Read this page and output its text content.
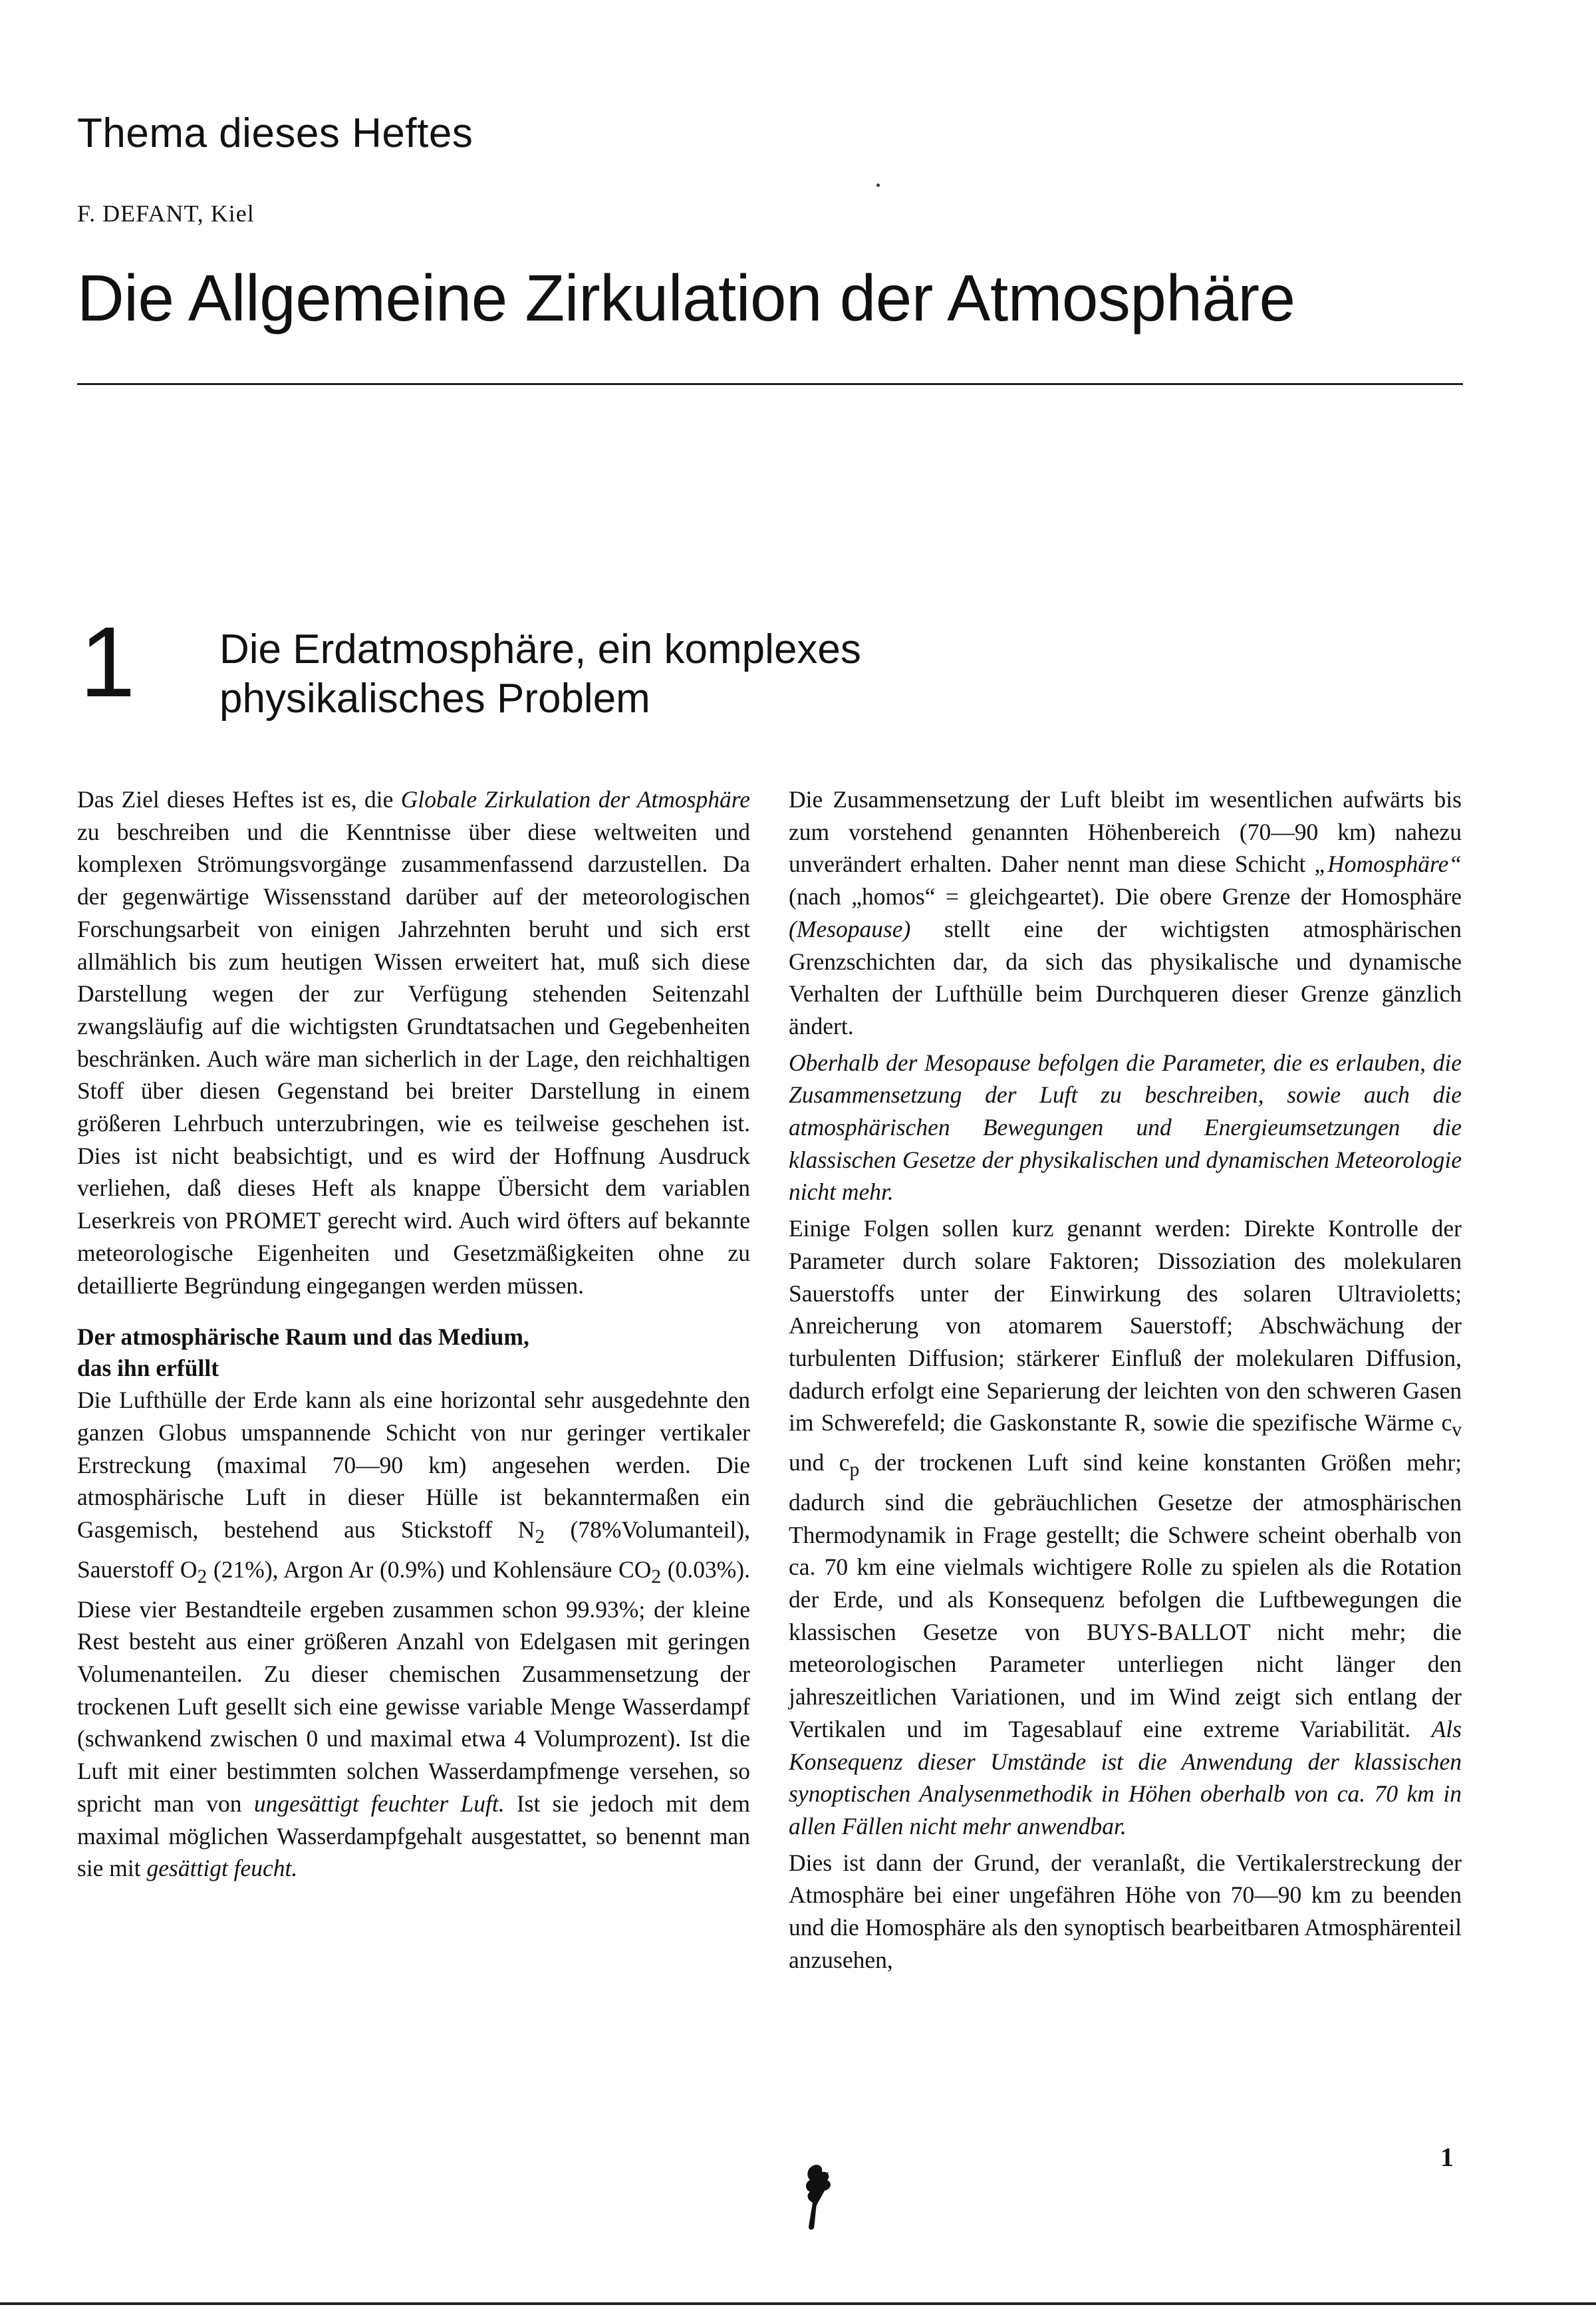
Thema dieses Heftes
F. DEFANT, Kiel
Die Allgemeine Zirkulation der Atmosphäre
1 Die Erdatmosphäre, ein komplexes
physikalisches Problem

Das Ziel dieses Heftes ist es, die Globale Zirkulation der Atmosphäre zu beschreiben und die Kenntnisse über diese weltweiten und komplexen Strömungsvorgänge zusammenfassend darzustellen. Da der gegenwärtige Wissensstand darüber auf der meteorologischen Forschungsarbeit von einigen Jahrzehnten beruht und sich erst allmählich bis zum heutigen Wissen erweitert hat, muß sich diese Darstellung wegen der zur Verfügung stehenden Seitenzahl zwangsläufig auf die wichtigsten Grundtatsachen und Gegebenheiten beschränken. Auch wäre man sicherlich in der Lage, den reichhaltigen Stoff über diesen Gegenstand bei breiter Darstellung in einem größeren Lehrbuch unterzubringen, wie es teilweise geschehen ist. Dies ist nicht beabsichtigt, und es wird der Hoffnung Ausdruck verliehen, daß dieses Heft als knappe Übersicht dem variablen Leserkreis von PROMET gerecht wird. Auch wird öfters auf bekannte meteorologische Eigenheiten und Gesetzmäßigkeiten ohne zu detaillierte Begründung eingegangen werden müssen.

Der atmosphärische Raum und das Medium,
das ihn erfüllt

Die Lufthülle der Erde kann als eine horizontal sehr ausgedehnte den ganzen Globus umspannende Schicht von nur geringer vertikaler Erstreckung (maximal 70—90 km) angesehen werden. Die atmosphärische Luft in dieser Hülle ist bekanntermaßen ein Gasgemisch, bestehend aus Stickstoff $N_2$ (78%Volumanteil), Sauerstoff $O_2$ (21%), Argon Ar (0.9%) und Kohlensäure $CO_2$ (0.03%). Diese vier Bestandteile ergeben zusammen schon 99.93%; der kleine Rest besteht aus einer größeren Anzahl von Edelgasen mit geringen Volumenanteilen. Zu dieser chemischen Zusammensetzung der trockenen Luft gesellt sich eine gewisse variable Menge Wasserdampf (schwankend zwischen 0 und maximal etwa 4 Volumprozent). Ist die Luft mit einer bestimmten solchen Wasserdampfmenge versehen, so spricht man von ungesättigt feuchter Luft. Ist sie jedoch mit dem maximal möglichen Wasserdampfgehalt ausgestattet, so benennt man sie mit gesättigt feucht.

Die Zusammensetzung der Luft bleibt im wesentlichen aufwärts bis zum vorstehend genannten Höhenbereich (70—90 km) nahezu unverändert erhalten. Daher nennt man diese Schicht „Homosphäre“ (nach „homos“ = gleichgeartet). Die obere Grenze der Homosphäre (Mesopause) stellt eine der wichtigsten atmosphärischen Grenzschichten dar, da sich das physikalische und dynamische Verhalten der Lufthülle beim Durchqueren dieser Grenze gänzlich ändert.

Oberhalb der Mesopause befolgen die Parameter, die es erlauben, die Zusammensetzung der Luft zu beschreiben, sowie auch die atmosphärischen Bewegungen und Energieumsetzungen die klassischen Gesetze der physikalischen und dynamischen Meteorologie nicht mehr.

Einige Folgen sollen kurz genannt werden: Direkte Kontrolle der Parameter durch solare Faktoren; Dissoziation des molekularen Sauerstoffs unter der Einwirkung des solaren Ultravioletts; Anreicherung von atomarem Sauerstoff; Abschwächung der turbulenten Diffusion; stärkerer Einfluß der molekularen Diffusion, dadurch erfolgt eine Separierung der leichten von den schweren Gasen im Schwerefeld; die Gaskonstante R, sowie die spezifische Wärme $c_v$ und $c_p$ der trockenen Luft sind keine konstanten Größen mehr; dadurch sind die gebräuchlichen Gesetze der atmosphärischen Thermodynamik in Frage gestellt; die Schwere scheint oberhalb von ca. 70 km eine vielmals wichtigere Rolle zu spielen als die Rotation der Erde, und als Konsequenz befolgen die Luftbewegungen die klassischen Gesetze von BUYS-BALLOT nicht mehr; die meteorologischen Parameter unterliegen nicht länger den jahreszeitlichen Variationen, und im Wind zeigt sich entlang der Vertikalen und im Tagesablauf eine extreme Variabilität. Als Konsequenz dieser Umstände ist die Anwendung der klassischen synoptischen Analysenmethodik in Höhen oberhalb von ca. 70 km in allen Fällen nicht mehr anwendbar.

Dies ist dann der Grund, der veranlaßt, die Vertikalerstreckung der Atmosphäre bei einer ungefähren Höhe von 70—90 km zu beenden und die Homosphäre als den synoptisch bearbeitbaren Atmosphärenteil anzusehen,

1
